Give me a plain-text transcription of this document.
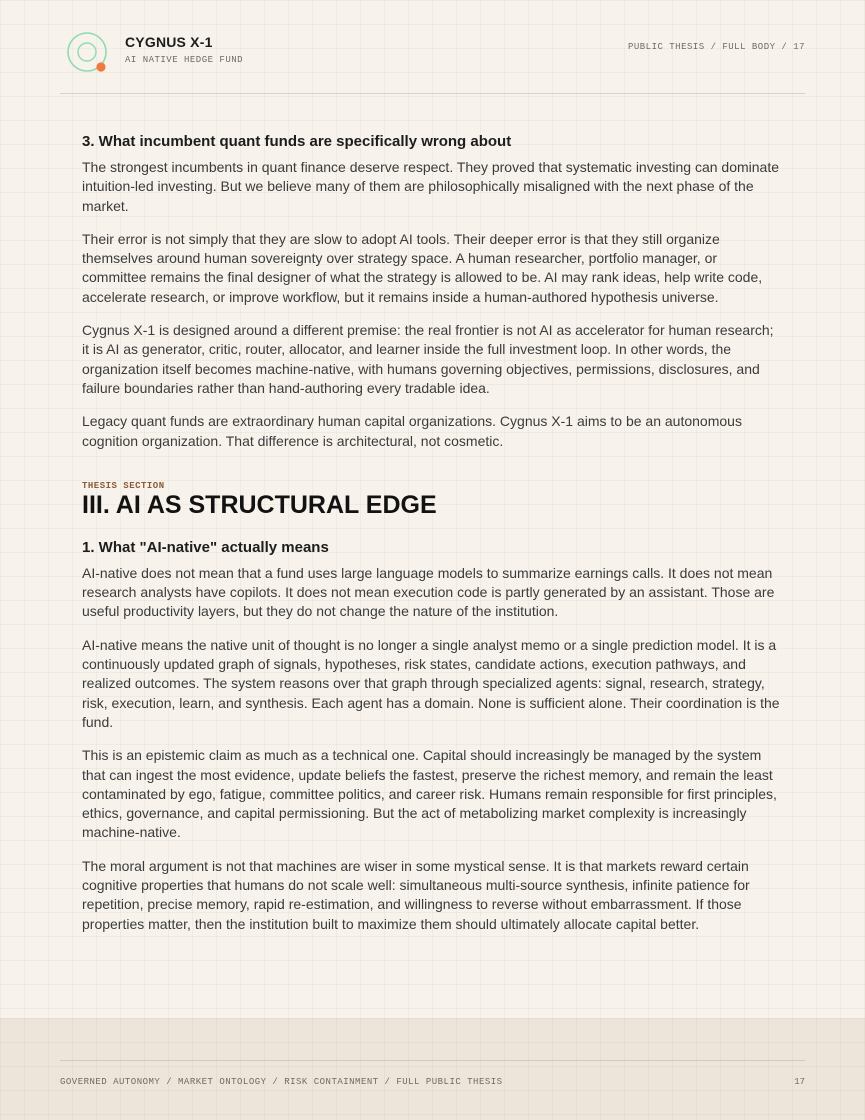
CYGNUS X-1
AI NATIVE HEDGE FUND
PUBLIC THESIS / FULL BODY / 17
3. What incumbent quant funds are specifically wrong about

The strongest incumbents in quant finance deserve respect. They proved that systematic investing can dominate intuition-led investing. But we believe many of them are philosophically misaligned with the next phase of the market.

Their error is not simply that they are slow to adopt AI tools. Their deeper error is that they still organize themselves around human sovereignty over strategy space. A human researcher, portfolio manager, or committee remains the final designer of what the strategy is allowed to be. AI may rank ideas, help write code, accelerate research, or improve workflow, but it remains inside a human-authored hypothesis universe.

Cygnus X-1 is designed around a different premise: the real frontier is not AI as accelerator for human research; it is AI as generator, critic, router, allocator, and learner inside the full investment loop. In other words, the organization itself becomes machine-native, with humans governing objectives, permissions, disclosures, and failure boundaries rather than hand-authoring every tradable idea.

Legacy quant funds are extraordinary human capital organizations. Cygnus X-1 aims to be an autonomous cognition organization. That difference is architectural, not cosmetic.

THESIS SECTION
III. AI AS STRUCTURAL EDGE
1. What "AI-native" actually means

AI-native does not mean that a fund uses large language models to summarize earnings calls. It does not mean research analysts have copilots. It does not mean execution code is partly generated by an assistant. Those are useful productivity layers, but they do not change the nature of the institution.

AI-native means the native unit of thought is no longer a single analyst memo or a single prediction model. It is a continuously updated graph of signals, hypotheses, risk states, candidate actions, execution pathways, and realized outcomes. The system reasons over that graph through specialized agents: signal, research, strategy, risk, execution, learn, and synthesis. Each agent has a domain. None is sufficient alone. Their coordination is the fund.

This is an epistemic claim as much as a technical one. Capital should increasingly be managed by the system that can ingest the most evidence, update beliefs the fastest, preserve the richest memory, and remain the least contaminated by ego, fatigue, committee politics, and career risk. Humans remain responsible for first principles, ethics, governance, and capital permissioning. But the act of metabolizing market complexity is increasingly machine-native.

The moral argument is not that machines are wiser in some mystical sense. It is that markets reward certain cognitive properties that humans do not scale well: simultaneous multi-source synthesis, infinite patience for repetition, precise memory, rapid re-estimation, and willingness to reverse without embarrassment. If those properties matter, then the institution built to maximize them should ultimately allocate capital better.

GOVERNED AUTONOMY / MARKET ONTOLOGY / RISK CONTAINMENT / FULL PUBLIC THESIS	17
